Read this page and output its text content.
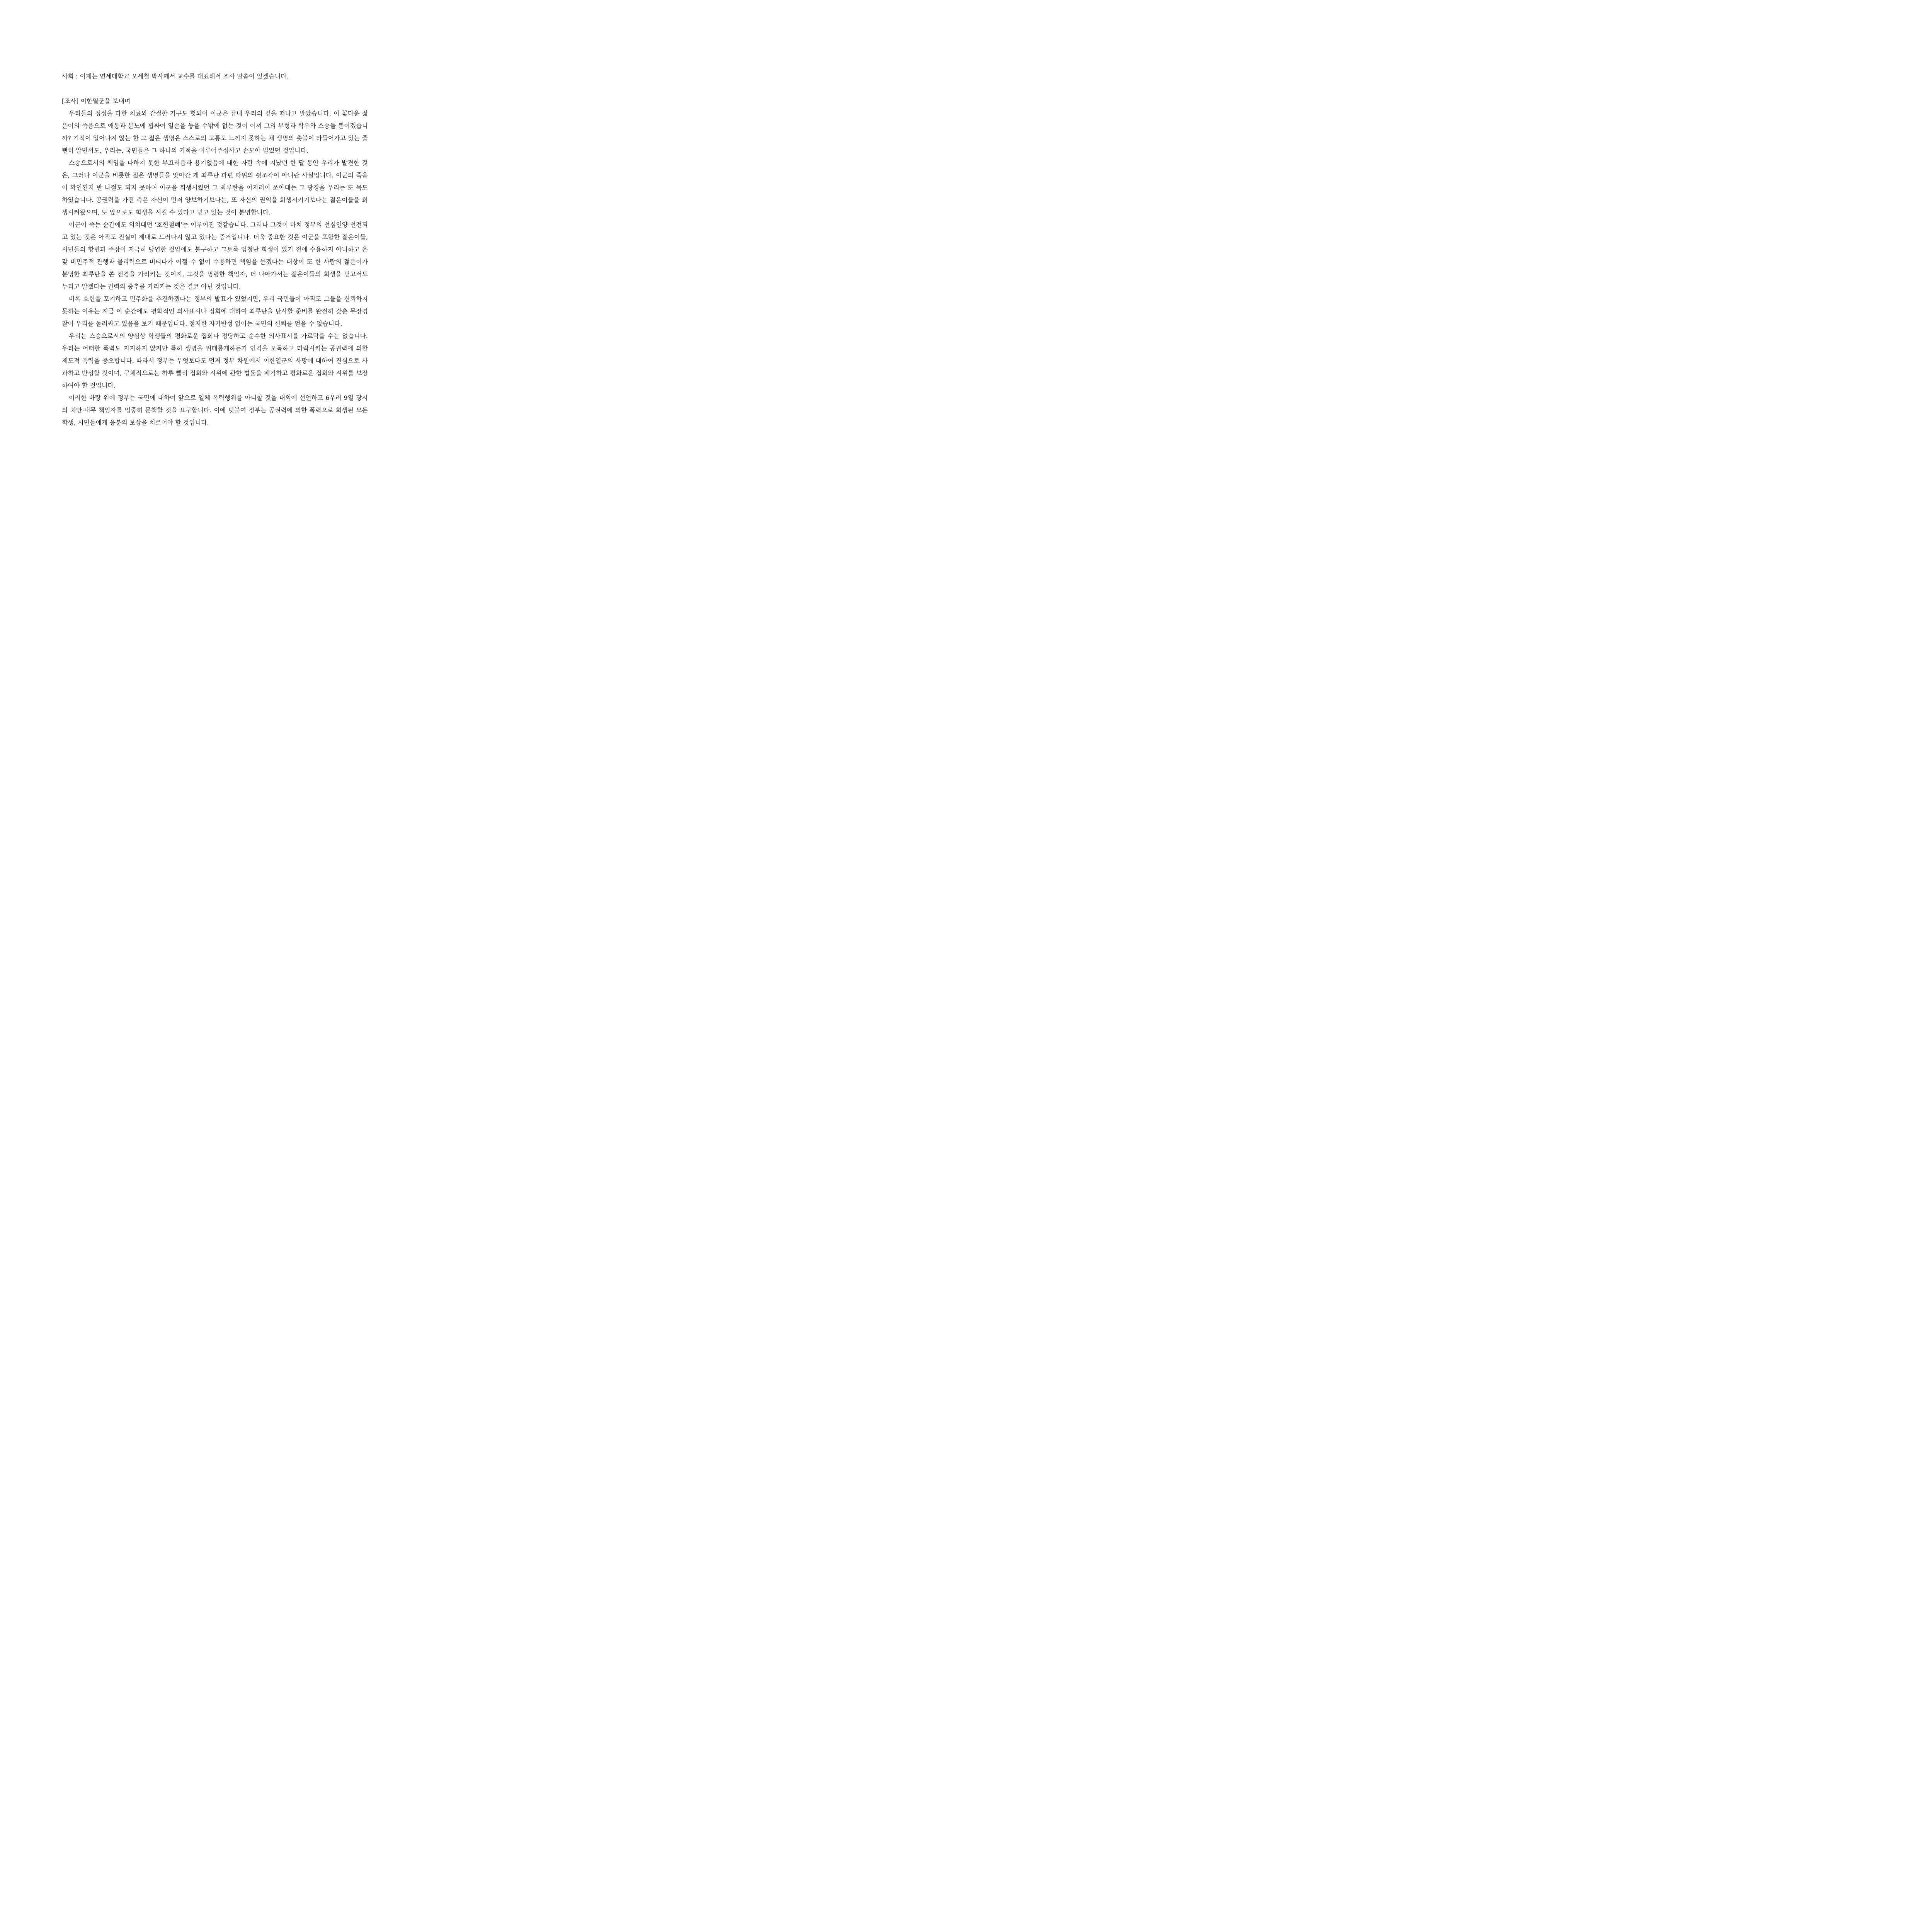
사회 : 이제는 연세대학교 오세철 박사께서 교수를 대표해서 조사 말씀이 있겠습니다.

[조사] 이한열군을 보내며

우리들의 정성을 다한 치료와 간절한 기구도 헛되이 이군은 끝내 우리의 곁을 떠나고 말았습니다. 이 꽃다운 젊은이의 죽음으로 애통과 분노에 휩싸여 일손을 놓을 수밖에 없는 것이 어찌 그의 부형과 학우와 스승들 뿐이겠습니까? 기적이 일어나지 않는 한 그 젊은 생명은 스스로의 고통도 느끼지 못하는 채 생명의 촛불이 타들어가고 있는 줄 뻔히 알면서도, 우리는, 국민들은 그 하나의 기적을 이루어주십사고 손모아 빌었던 것입니다.

스승으로서의 책임을 다하지 못한 부끄러움과 용기없음에 대한 자탄 속에 지났던 한 달 동안 우리가 발견한 것은, 그러나 이군을 비롯한 젊은 생명들을 앗아간 게 최루탄 파편 따위의 쇳조각이 아니란 사실입니다. 이군의 죽음이 확인된지 반 나절도 되지 못하여 이군을 희생시켰던 그 최루탄을 어지러이 쏘아대는 그 광경을 우리는 또 목도하였습니다. 공권력을 가진 측은 자신이 먼저 양보하기보다는, 또 자신의 권익을 희생시키기보다는 젊은이들을 희생시켜왔으며, 또 앞으로도 희생을 시킬 수 있다고 믿고 있는 것이 분명합니다.

이군이 죽는 순간에도 외쳐대던 ‘호헌철폐’는 이루어진 것같습니다. 그러나 그것이 마치 정부의 선심인양 선전되고 있는 것은 아직도 진실이 제대로 드러나지 않고 있다는 증거입니다. 더욱 중요한 것은 이군을 포함한 젊은이들, 시민들의 항변과 주장이 지극히 당연한 것임에도 불구하고 그토록 엄청난 희생이 있기 전에 수용하지 아니하고 온갖 비민주적 관행과 물리력으로 버티다가 어쩔 수 없이 수용하면 책임을 묻겠다는 대상이 또 한 사람의 젊은이가 분명한 최루탄을 쏜 전경을 가리키는 것이지, 그것을 명령한 책임자, 더 나아가서는 젊은이들의 희생을 딛고서도 누리고 말겠다는 권력의 중추를 가리키는 것은 결코 아닌 것입니다.

비록 호헌을 포기하고 민주화를 추진하겠다는 정부의 발표가 있었지만, 우리 국민들이 아직도 그들을 신뢰하지 못하는 이유는 지금 이 순간에도 평화적인 의사표시나 집회에 대하여 최루탄을 난사할 준비를 완전히 갖춘 무장경찰이 우리를 둘러싸고 있음을 보기 때문입니다. 철저한 자기반성 없이는 국민의 신뢰를 얻을 수 없습니다.

우리는 스승으로서의 양심상 학생들의 평화로운 집회나 정당하고 순수한 의사표시를 가로막을 수는 없습니다. 우리는 어떠한 폭력도 지지하지 않지만 특히 생명을 위태롭게하든가 인격을 모독하고 타락시키는 공권력에 의한 제도적 폭력을 증오합니다. 따라서 정부는 무엇보다도 먼저 정부 차원에서 이한열군의 사망에 대하여 진심으로 사과하고 반성할 것이며, 구체적으로는 하루 빨리 집회와 시위에 관한 법률을 폐기하고 평화로운 집회와 시위를 보장하여야 할 것입니다.

이러한 바탕 위에 정부는 국민에 대하여 앞으로 일체 폭력행위를 아니할 것을 내외에 선언하고 6우러 9일 당시의 치안·내무 책임자를 엄중히 문책할 것을 요구합니다. 이에 덧붙여 정부는 공권력에 의한 폭력으로 희생된 모든 학생, 시민들에게 응분의 보상을 치르어야 할 것입니다.
